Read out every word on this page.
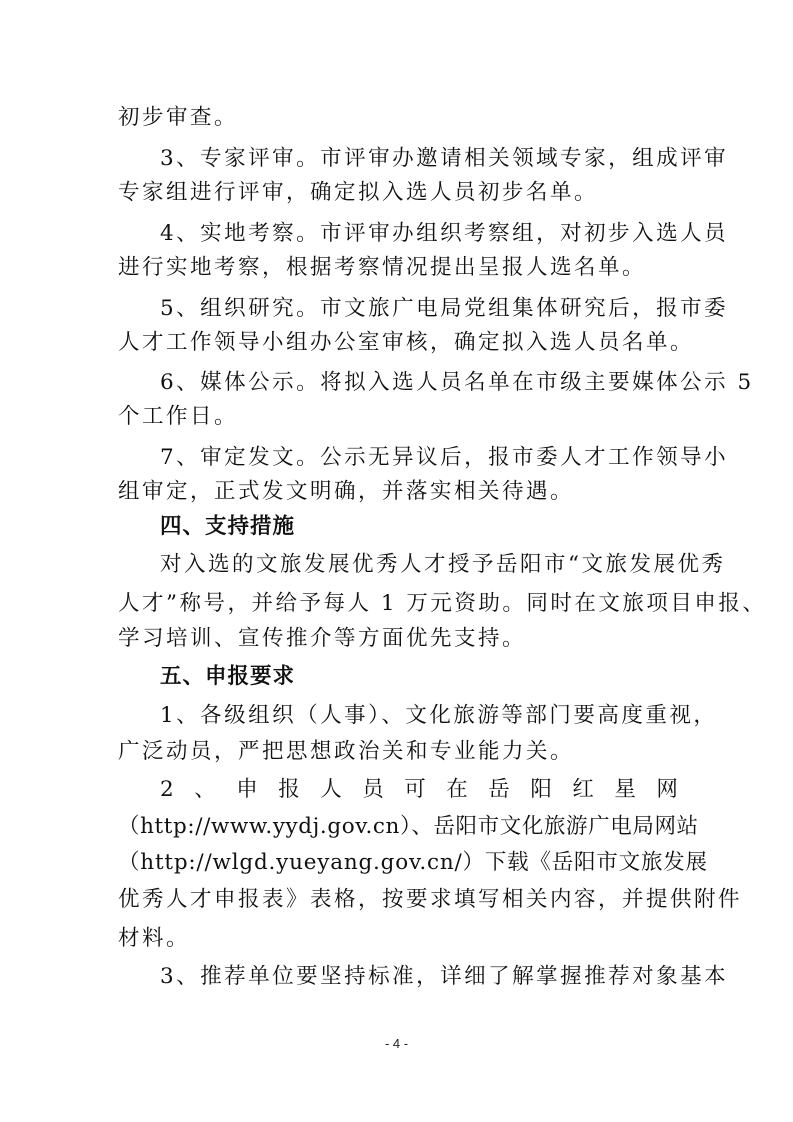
初步审查。
3、专家评审。市评审办邀请相关领域专家，组成评审
专家组进行评审，确定拟入选人员初步名单。
4、实地考察。市评审办组织考察组，对初步入选人员
进行实地考察，根据考察情况提出呈报人选名单。
5、组织研究。市文旅广电局党组集体研究后，报市委
人才工作领导小组办公室审核，确定拟入选人员名单。
6、媒体公示。将拟入选人员名单在市级主要媒体公示 5
个工作日。
7、审定发文。公示无异议后，报市委人才工作领导小
组审定，正式发文明确，并落实相关待遇。
四、支持措施
对入选的文旅发展优秀人才授予岳阳市“文旅发展优秀
人才”称号，并给予每人 1 万元资助。同时在文旅项目申报、
学习培训、宣传推介等方面优先支持。
五、申报要求
1、各级组织（人事）、文化旅游等部门要高度重视，
广泛动员，严把思想政治关和专业能力关。
2 、 申 报 人 员 可 在 岳 阳 红 星 网
（http://www.yydj.gov.cn）、岳阳市文化旅游广电局网站
（http://wlgd.yueyang.gov.cn/）下载《岳阳市文旅发展
优秀人才申报表》表格，按要求填写相关内容，并提供附件
材料。
3、推荐单位要坚持标准，详细了解掌握推荐对象基本
- 4 -
